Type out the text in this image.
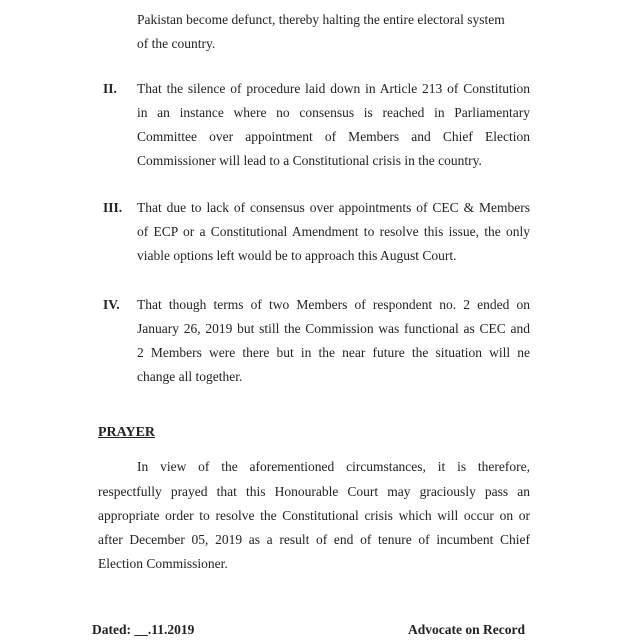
Pakistan become defunct, thereby halting the entire electoral system
of the country.
II. That the silence of procedure laid down in Article 213 of Constitution
in an instance where no consensus is reached in Parliamentary
Committee over appointment of Members and Chief Election
Commissioner will lead to a Constitutional crisis in the country.
III. That due to lack of consensus over appointments of CEC & Members
of ECP or a Constitutional Amendment to resolve this issue, the only
viable options left would be to approach this August Court.
IV. That though terms of two Members of respondent no. 2 ended on
January 26, 2019 but still the Commission was functional as CEC and
2 Members were there but in the near future the situation will ne
change all together.
PRAYER
In view of the aforementioned circumstances, it is therefore,
respectfully prayed that this Honourable Court may graciously pass an
appropriate order to resolve the Constitutional crisis which will occur on or
after December 05, 2019 as a result of end of tenure of incumbent Chief
Election Commissioner.
Dated: __.11.2019	Advocate on Record
